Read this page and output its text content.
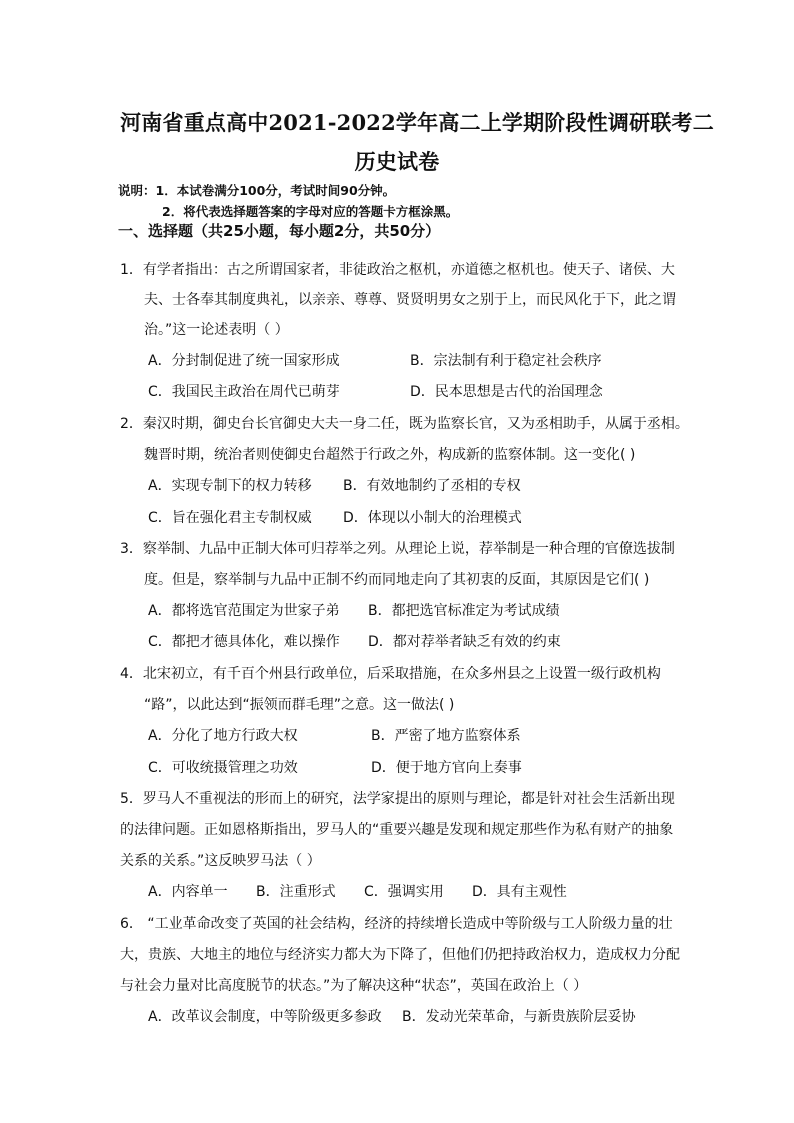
河南省重点高中2021-2022学年高二上学期阶段性调研联考二
历史试卷
说明：1．本试卷满分100分，考试时间90分钟。
2．将代表选择题答案的字母对应的答题卡方框涂黑。
一、选择题（共25小题，每小题2分，共50分）
1．有学者指出：古之所谓国家者，非徒政治之枢机，亦道德之枢机也。使天子、诸侯、大
夫、士各奉其制度典礼，以亲亲、尊尊、贤贤明男女之别于上，而民风化于下，此之谓
治。”这一论述表明（ ）
A．分封制促进了统一国家形成	B．宗法制有利于稳定社会秩序
C．我国民主政治在周代已萌芽	D．民本思想是古代的治国理念
2．秦汉时期，御史台长官御史大夫一身二任，既为监察长官，又为丞相助手，从属于丞相。
魏晋时期，统治者则使御史台超然于行政之外，构成新的监察体制。这一变化( )
A．实现专制下的权力转移 B．有效地制约了丞相的专权
C．旨在强化君主专制权威 D．体现以小制大的治理模式
3．察举制、九品中正制大体可归荐举之列。从理论上说，荐举制是一种合理的官僚选拔制
度。但是，察举制与九品中正制不约而同地走向了其初衷的反面，其原因是它们( )
A．都将选官范围定为世家子弟 B．都把选官标准定为考试成绩
C．都把才德具体化，难以操作 D．都对荐举者缺乏有效的约束
4．北宋初立，有千百个州县行政单位，后采取措施，在众多州县之上设置一级行政机构
“路”，以此达到“振领而群毛理”之意。这一做法( )
A．分化了地方行政大权	B．严密了地方监察体系
C．可收统摄管理之功效	D．便于地方官向上奏事
5．罗马人不重视法的形而上的研究，法学家提出的原则与理论，都是针对社会生活新出现
的法律问题。正如恩格斯指出，罗马人的“重要兴趣是发现和规定那些作为私有财产的抽象
关系的关系。”这反映罗马法（ ）
A．内容单一 B．注重形式 C．强调实用 D．具有主观性
6． “工业革命改变了英国的社会结构，经济的持续增长造成中等阶级与工人阶级力量的壮
大，贵族、大地主的地位与经济实力都大为下降了，但他们仍把持政治权力，造成权力分配
与社会力量对比高度脱节的状态。”为了解决这种“状态”，英国在政治上（ ）
A．改革议会制度，中等阶级更多参政 B．发动光荣革命，与新贵族阶层妥协
